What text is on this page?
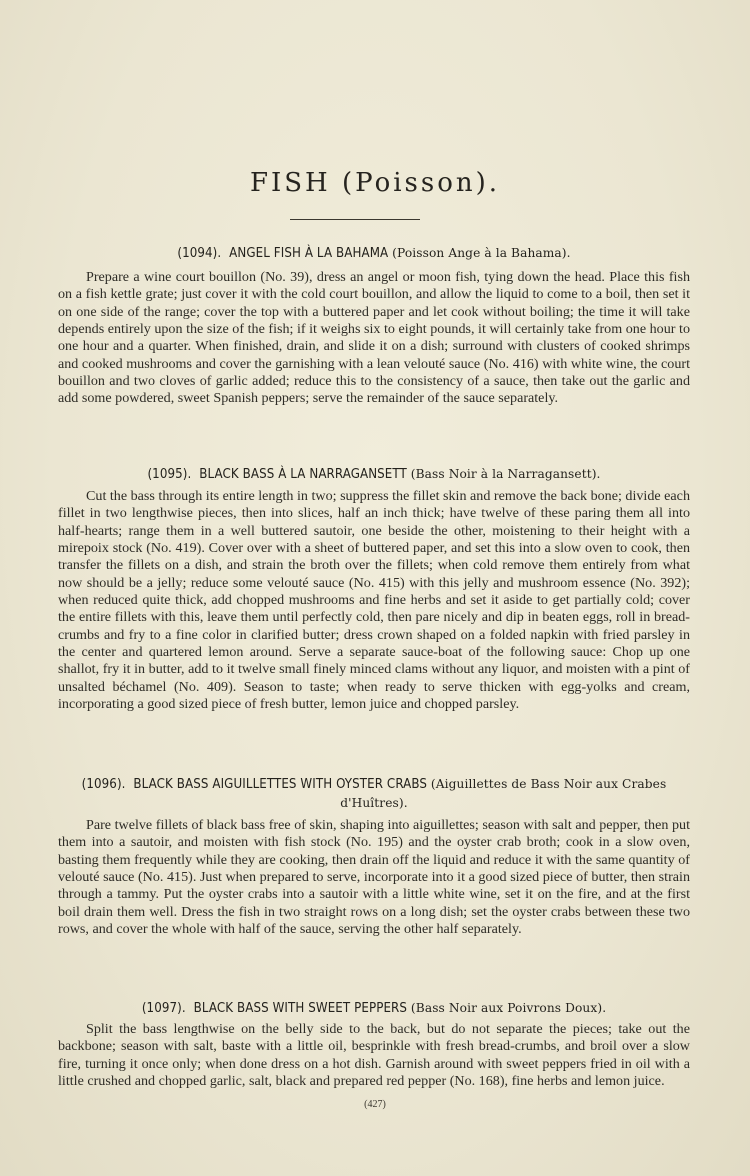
FISH (Poisson).
(1094). ANGEL FISH À LA BAHAMA (Poisson Ange à la Bahama).
Prepare a wine court bouillon (No. 39), dress an angel or moon fish, tying down the head. Place this fish on a fish kettle grate; just cover it with the cold court bouillon, and allow the liquid to come to a boil, then set it on one side of the range; cover the top with a buttered paper and let cook without boiling; the time it will take depends entirely upon the size of the fish; if it weighs six to eight pounds, it will certainly take from one hour to one hour and a quarter. When finished, drain, and slide it on a dish; surround with clusters of cooked shrimps and cooked mushrooms and cover the garnishing with a lean velouté sauce (No. 416) with white wine, the court bouillon and two cloves of garlic added; reduce this to the consistency of a sauce, then take out the garlic and add some powdered, sweet Spanish peppers; serve the remainder of the sauce separately.
(1095). BLACK BASS À LA NARRAGANSETT (Bass Noir à la Narragansett).
Cut the bass through its entire length in two; suppress the fillet skin and remove the back bone; divide each fillet in two lengthwise pieces, then into slices, half an inch thick; have twelve of these paring them all into half-hearts; range them in a well buttered sautoir, one beside the other, moistening to their height with a mirepoix stock (No. 419). Cover over with a sheet of buttered paper, and set this into a slow oven to cook, then transfer the fillets on a dish, and strain the broth over the fillets; when cold remove them entirely from what now should be a jelly; reduce some velouté sauce (No. 415) with this jelly and mushroom essence (No. 392); when reduced quite thick, add chopped mushrooms and fine herbs and set it aside to get partially cold; cover the entire fillets with this, leave them until perfectly cold, then pare nicely and dip in beaten eggs, roll in bread-crumbs and fry to a fine color in clarified butter; dress crown shaped on a folded napkin with fried parsley in the center and quartered lemon around. Serve a separate sauce-boat of the following sauce: Chop up one shallot, fry it in butter, add to it twelve small finely minced clams without any liquor, and moisten with a pint of unsalted béchamel (No. 409). Season to taste; when ready to serve thicken with egg-yolks and cream, incorporating a good sized piece of fresh butter, lemon juice and chopped parsley.
(1096). BLACK BASS AIGUILLETTES WITH OYSTER CRABS (Aiguillettes de Bass Noir aux Crabes d'Huîtres).
Pare twelve fillets of black bass free of skin, shaping into aiguillettes; season with salt and pepper, then put them into a sautoir, and moisten with fish stock (No. 195) and the oyster crab broth; cook in a slow oven, basting them frequently while they are cooking, then drain off the liquid and reduce it with the same quantity of velouté sauce (No. 415). Just when prepared to serve, incorporate into it a good sized piece of butter, then strain through a tammy. Put the oyster crabs into a sautoir with a little white wine, set it on the fire, and at the first boil drain them well. Dress the fish in two straight rows on a long dish; set the oyster crabs between these two rows, and cover the whole with half of the sauce, serving the other half separately.
(1097). BLACK BASS WITH SWEET PEPPERS (Bass Noir aux Poivrons Doux).
Split the bass lengthwise on the belly side to the back, but do not separate the pieces; take out the backbone; season with salt, baste with a little oil, besprinkle with fresh bread-crumbs, and broil over a slow fire, turning it once only; when done dress on a hot dish. Garnish around with sweet peppers fried in oil with a little crushed and chopped garlic, salt, black and prepared red pepper (No. 168), fine herbs and lemon juice.
(427)
